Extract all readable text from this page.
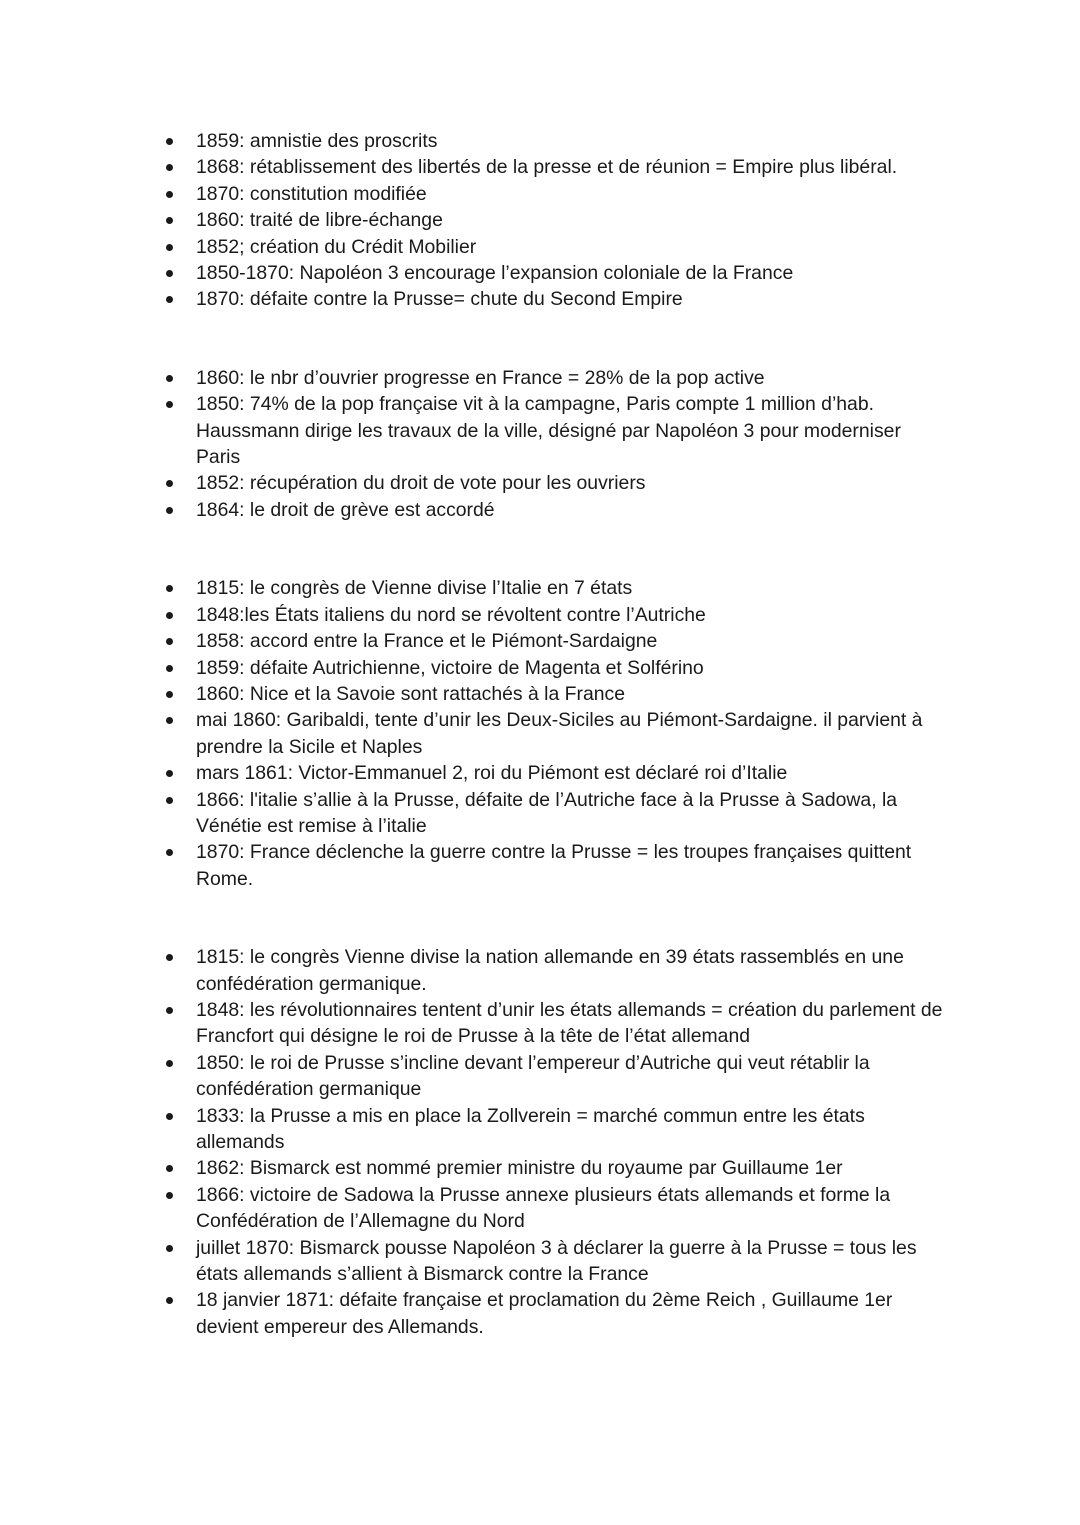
1859: amnistie des proscrits
1868: rétablissement des libertés de la presse et de réunion = Empire plus libéral.
1870: constitution modifiée
1860: traité de libre-échange
1852; création du Crédit Mobilier
1850-1870: Napoléon 3 encourage l’expansion coloniale de la France
1870: défaite contre la Prusse= chute du Second Empire
1860: le nbr d’ouvrier progresse en France = 28% de la pop active
1850: 74% de la pop française vit à la campagne, Paris compte 1 million d’hab. Haussmann dirige les travaux de la ville, désigné par Napoléon 3 pour moderniser Paris
1852: récupération du droit de vote pour les ouvriers
1864: le droit de grève est accordé
1815: le congrès de Vienne divise l’Italie en 7 états
1848:les États italiens du nord se révoltent contre l’Autriche
1858: accord entre la France et le Piémont-Sardaigne
1859: défaite Autrichienne, victoire de Magenta et Solférino
1860: Nice et la Savoie sont rattachés à la France
mai 1860: Garibaldi, tente d’unir les Deux-Siciles au Piémont-Sardaigne. il parvient à prendre la Sicile et Naples
mars 1861: Victor-Emmanuel 2, roi du Piémont est déclaré roi d’Italie
1866: l'italie s’allie à la Prusse, défaite de l’Autriche face à la Prusse à Sadowa, la Vénétie est remise à l’italie
1870: France déclenche la guerre contre la Prusse = les troupes françaises quittent Rome.
1815: le congrès Vienne divise la nation allemande en 39 états rassemblés en une confédération germanique.
1848: les révolutionnaires tentent d’unir les états allemands = création du parlement de Francfort qui désigne le roi de Prusse à la tête de l’état allemand
1850: le roi de Prusse s’incline devant l’empereur d’Autriche qui veut rétablir la confédération germanique
1833: la Prusse a mis en place la Zollverein = marché commun entre les états allemands
1862: Bismarck est nommé premier ministre du royaume par Guillaume 1er
1866: victoire de Sadowa la Prusse annexe plusieurs états allemands et forme la Confédération de l’Allemagne du Nord
juillet 1870: Bismarck pousse Napoléon 3 à déclarer la guerre à la Prusse = tous les états allemands s’allient à Bismarck contre la France
18 janvier 1871: défaite française et proclamation du 2ème Reich , Guillaume 1er devient empereur des Allemands.
